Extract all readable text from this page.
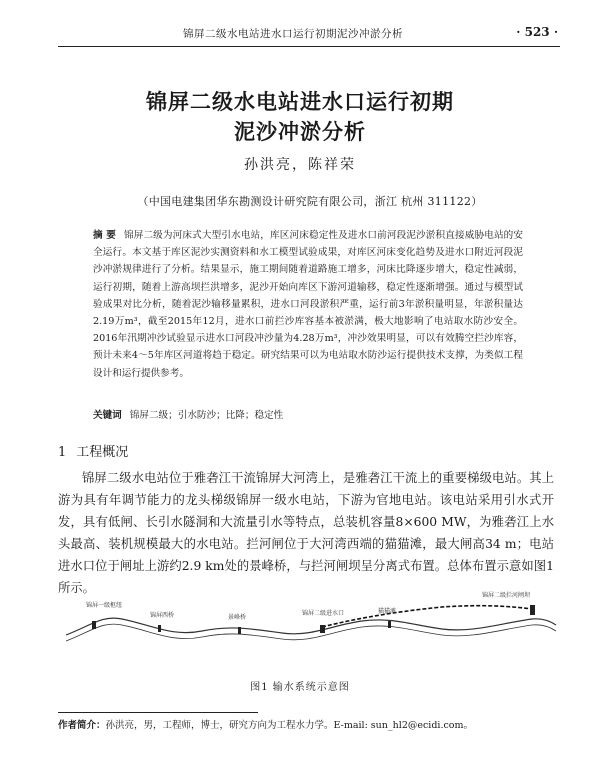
锦屏二级水电站进水口运行初期泥沙冲淤分析	· 523 ·
锦屏二级水电站进水口运行初期
泥沙冲淤分析
孙洪亮，陈祥荣
（中国电建集团华东勘测设计研究院有限公司，浙江 杭州 311122）
摘 要 锦屏二级为河床式大型引水电站，库区河床稳定性及进水口前河段泥沙淤积直接威胁电站的安全运行。本文基于库区泥沙实测资料和水工模型试验成果，对库区河床变化趋势及进水口附近河段泥沙冲淤规律进行了分析。结果显示，施工期间随着道路施工增多，河床比降逐步增大，稳定性减弱，运行初期，随着上游高坝拦洪增多，泥沙开始向库区下游河道输移，稳定性逐渐增强。通过与模型试验成果对比分析，随着泥沙输移量累积，进水口河段淤积严重，运行前3年淤积量明显，年淤积量达2.19万m³，截至2015年12月，进水口前拦沙库容基本被淤满，极大地影响了电站取水防沙安全。2016年汛期冲沙试验显示进水口河段冲沙量为4.28万m³，冲沙效果明显，可以有效腾空拦沙库容，预计未来4～5年库区河道将趋于稳定。研究结果可以为电站取水防沙运行提供技术支撑，为类似工程设计和运行提供参考。
关键词 锦屏二级；引水防沙；比降；稳定性
1 工程概况
锦屏二级水电站位于雅砻江干流锦屏大河湾上，是雅砻江干流上的重要梯级电站。其上游为具有年调节能力的龙头梯级锦屏一级水电站，下游为官地电站。该电站采用引水式开发，具有低闸、长引水隧洞和大流量引水等特点，总装机容量8×600 MW，为雅砻江上水头最高、装机规模最大的水电站。拦河闸位于大河湾西端的猫猫滩，最大闸高34 m；电站进水口位于闸址上游约2.9 km处的景峰桥，与拦河闸坝呈分离式布置。总体布置示意如图1所示。
锦屏一级枢纽
锦屏西桥	景峰桥
锦屏二级进水口	猫猫滩
锦屏二级拦河闸坝
图1 输水系统示意图
作者简介：孙洪亮，男，工程师，博士，研究方向为工程水力学。E-mail: sun_hl2@ecidi.com。
